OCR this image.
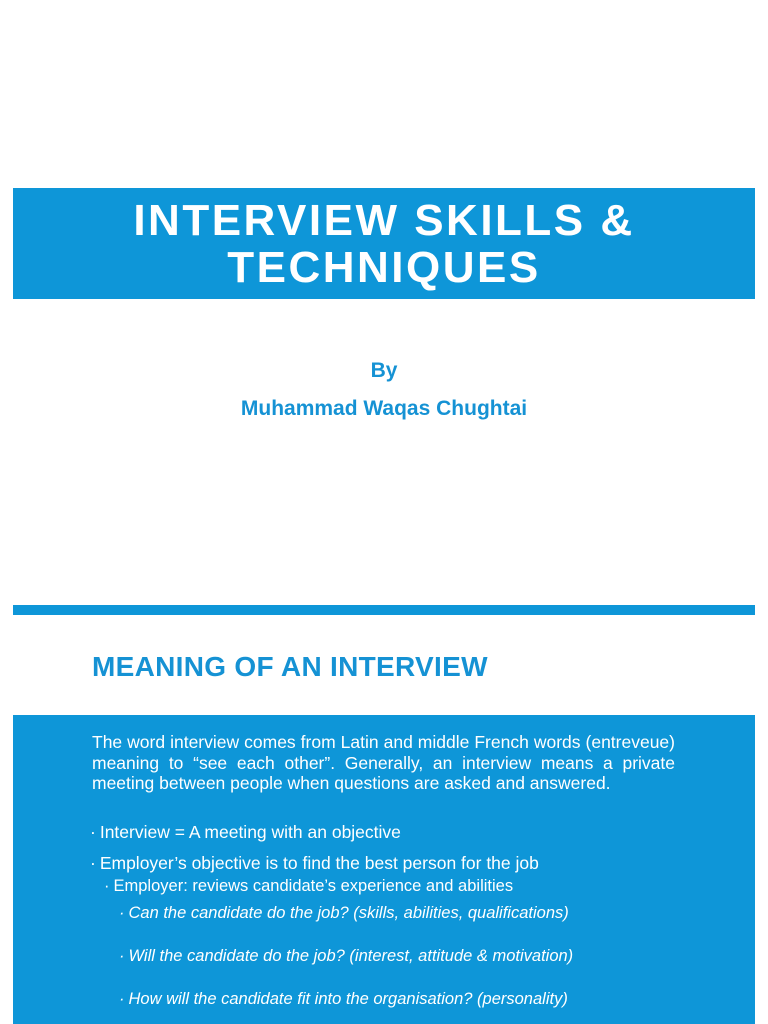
INTERVIEW SKILLS &
TECHNIQUES
By
Muhammad Waqas Chughtai
MEANING OF AN INTERVIEW
The word interview comes from Latin and middle French words (entreveue) meaning to “see each other”. Generally, an interview means a private meeting between people when questions are asked and answered.
· Interview = A meeting with an objective
· Employer’s objective is to find the best person for the job
· Employer: reviews candidate’s experience and abilities
· Can the candidate do the job? (skills, abilities, qualifications)
· Will the candidate do the job? (interest, attitude & motivation)
· How will the candidate fit into the organisation? (personality)
